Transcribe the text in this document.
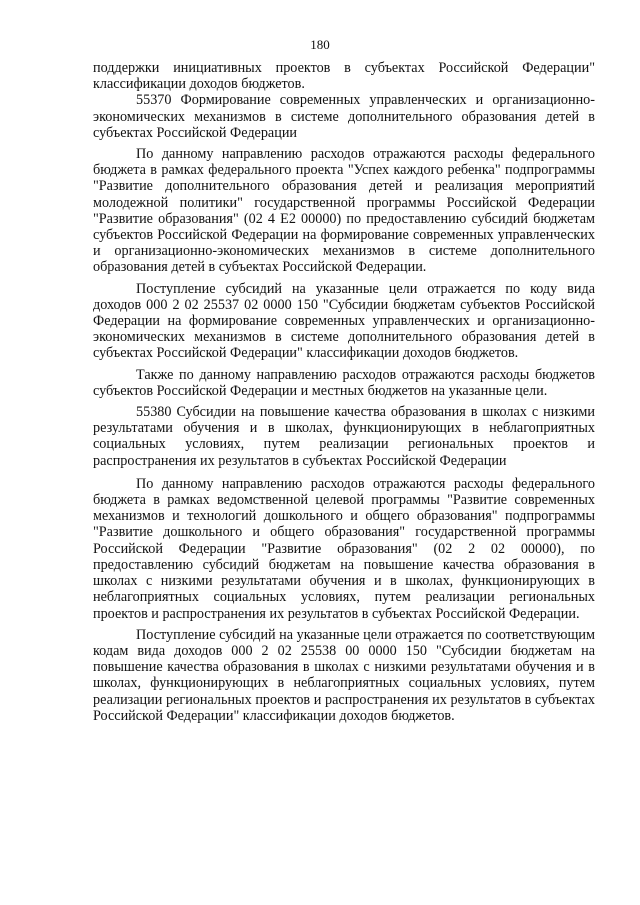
180

поддержки инициативных проектов в субъектах Российской Федерации" классификации доходов бюджетов.

55370 Формирование современных управленческих и организационно-экономических механизмов в системе дополнительного образования детей в субъектах Российской Федерации

По данному направлению расходов отражаются расходы федерального бюджета в рамках федерального проекта "Успех каждого ребенка" подпрограммы "Развитие дополнительного образования детей и реализация мероприятий молодежной политики" государственной программы Российской Федерации "Развитие образования" (02 4 Е2 00000) по предоставлению субсидий бюджетам субъектов Российской Федерации на формирование современных управленческих и организационно-экономических механизмов в системе дополнительного образования детей в субъектах Российской Федерации.

Поступление субсидий на указанные цели отражается по коду вида доходов 000 2 02 25537 02 0000 150 "Субсидии бюджетам субъектов Российской Федерации на формирование современных управленческих и организационно-экономических механизмов в системе дополнительного образования детей в субъектах Российской Федерации" классификации доходов бюджетов.

Также по данному направлению расходов отражаются расходы бюджетов субъектов Российской Федерации и местных бюджетов на указанные цели.

55380 Субсидии на повышение качества образования в школах с низкими результатами обучения и в школах, функционирующих в неблагоприятных социальных условиях, путем реализации региональных проектов и распространения их результатов в субъектах Российской Федерации

По данному направлению расходов отражаются расходы федерального бюджета в рамках ведомственной целевой программы "Развитие современных механизмов и технологий дошкольного и общего образования" подпрограммы "Развитие дошкольного и общего образования" государственной программы Российской Федерации "Развитие образования" (02 2 02 00000), по предоставлению субсидий бюджетам на повышение качества образования в школах с низкими результатами обучения и в школах, функционирующих в неблагоприятных социальных условиях, путем реализации региональных проектов и распространения их результатов в субъектах Российской Федерации.

Поступление субсидий на указанные цели отражается по соответствующим кодам вида доходов 000 2 02 25538 00 0000 150 "Субсидии бюджетам на повышение качества образования в школах с низкими результатами обучения и в школах, функционирующих в неблагоприятных социальных условиях, путем реализации региональных проектов и распространения их результатов в субъектах Российской Федерации" классификации доходов бюджетов.
